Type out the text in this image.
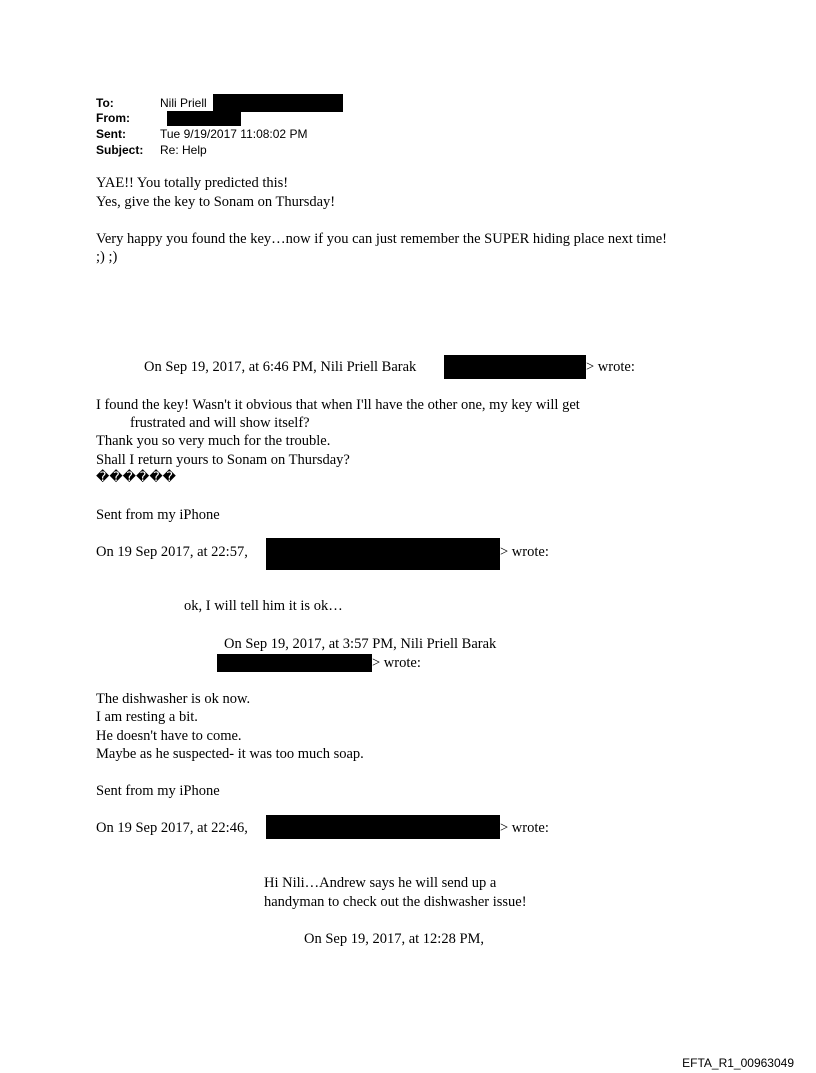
To:	Nili Priell
From:
Sent:	Tue 9/19/2017 11:08:02 PM
Subject: Re: Help
YAE!! You totally predicted this!
Yes, give the key to Sonam on Thursday!
Very happy you found the key…now if you can just remember the SUPER hiding place next time!
;) ;)
On Sep 19, 2017, at 6:46 PM, Nili Priell Barak	> wrote:
I found the key! Wasn't it obvious that when I'll have the other one, my key will get
frustrated and will show itself?
Thank you so very much for the trouble.
Shall I return yours to Sonam on Thursday?
������
Sent from my iPhone
On 19 Sep 2017, at 22:57,	> wrote:
ok, I will tell him it is ok…
On Sep 19, 2017, at 3:57 PM, Nili Priell Barak
> wrote:
The dishwasher is ok now.
I am resting a bit.
He doesn't have to come.
Maybe as he suspected- it was too much soap.
Sent from my iPhone
On 19 Sep 2017, at 22:46,	> wrote:
Hi Nili…Andrew says he will send up a
handyman to check out the dishwasher issue!
On Sep 19, 2017, at 12:28 PM,
EFTA_R1_00963049
